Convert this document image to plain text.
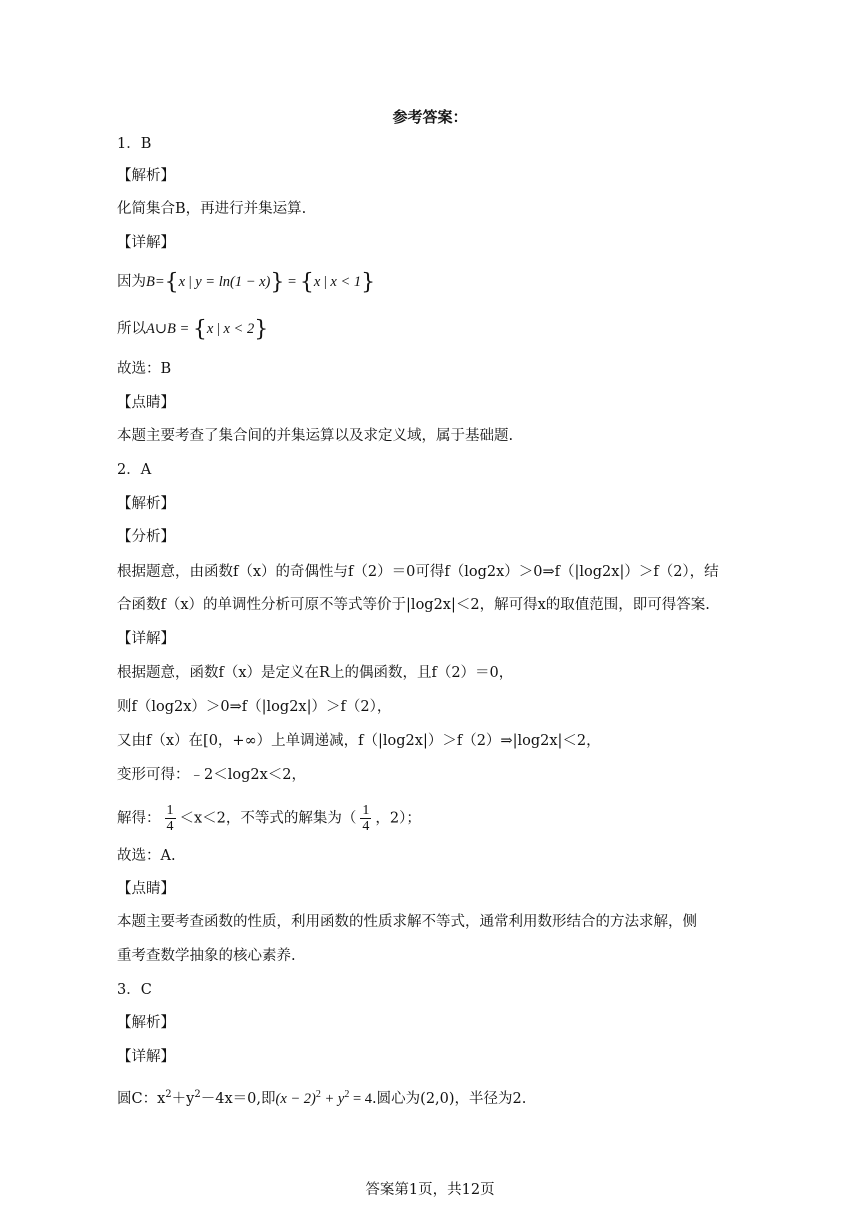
参考答案：
1．B
【解析】
化简集合B，再进行并集运算.
【详解】
因为B={x | y = ln(1 − x)} = {x | x < 1}
所以A∪B = {x | x < 2}
故选：B
【点睛】
本题主要考查了集合间的并集运算以及求定义域，属于基础题.
2．A
【解析】
【分析】
根据题意，由函数f（x）的奇偶性与f（2）＝0可得f（log2x）＞0⇒f（|log2x|）＞f（2），结
合函数f（x）的单调性分析可原不等式等价于|log2x|＜2，解可得x的取值范围，即可得答案.
【详解】
根据题意，函数f（x）是定义在R上的偶函数，且f（2）＝0，
则f（log2x）＞0⇒f（|log2x|）＞f（2），
又由f（x）在[0，+∞）上单调递减，f（|log2x|）＞f（2）⇒|log2x|＜2，
变形可得：﹣2＜log2x＜2，
解得： $\frac{1}{4} <x<2$，不等式的解集为（ $\frac{1}{4}$ ，2）；
故选：A.
【点睛】
本题主要考查函数的性质，利用函数的性质求解不等式，通常利用数形结合的方法求解，侧
重考查数学抽象的核心素养.
3．C
【解析】
【详解】
圆C：$x^2+y^2-4x=0$,即$(x - 2)^2 + y^2 = 4$.圆心为(2,0)，半径为2.
答案第1页，共12页
